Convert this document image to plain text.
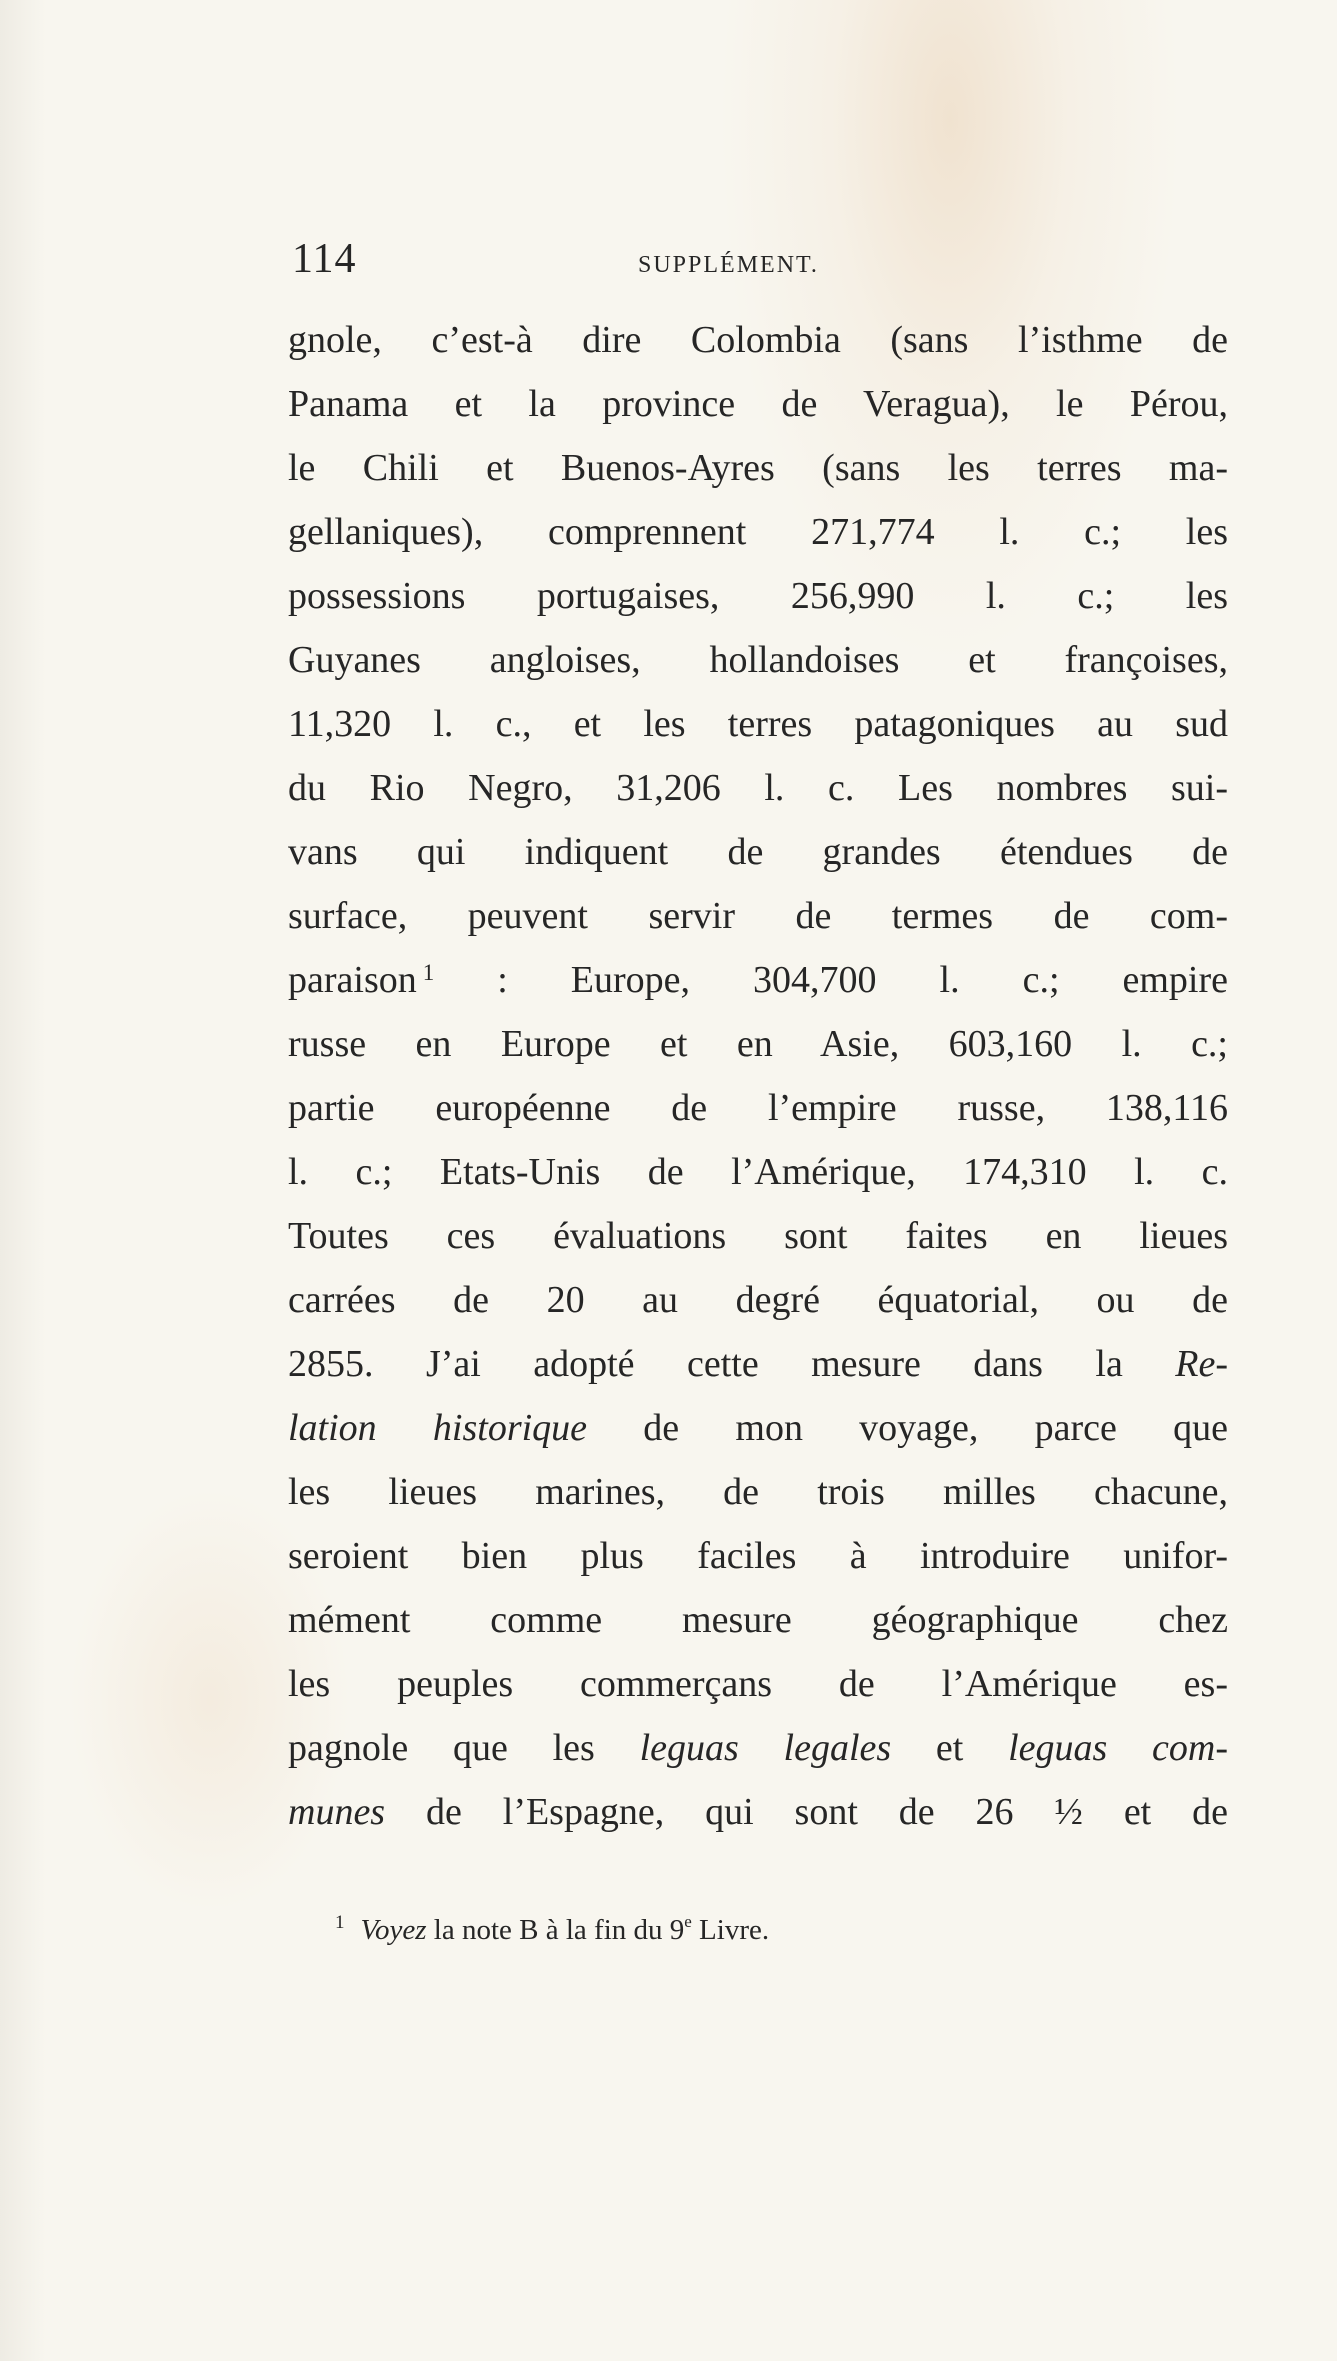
114	SUPPLÉMENT.
gnole, c’est-à dire Colombia (sans l’isthme de
Panama et la province de Veragua), le Pérou,
le Chili et Buenos-Ayres (sans les terres ma-
gellaniques), comprennent 271,774 l. c.; les
possessions portugaises, 256,990 l. c.; les
Guyanes angloises, hollandoises et françoises,
11,320 l. c., et les terres patagoniques au sud
du Rio Negro, 31,206 l. c. Les nombres sui-
vans qui indiquent de grandes étendues de
surface, peuvent servir de termes de com-
paraison $^1$ : Europe, 304,700 l. c.; empire
russe en Europe et en Asie, 603,160 l. c.;
partie européenne de l’empire russe, 138,116
l. c.; Etats-Unis de l’Amérique, 174,310 l. c.
Toutes ces évaluations sont faites en lieues
carrées de 20 au degré équatorial, ou de
2855. J’ai adopté cette mesure dans la Re-
lation historique de mon voyage, parce que
les lieues marines, de trois milles chacune,
seroient bien plus faciles à introduire unifor-
mément comme mesure géographique chez
les peuples commerçans de l’Amérique es-
pagnole que les leguas legales et leguas com-
munes de l’Espagne, qui sont de 26 ½ et de
$^1$ Voyez la note B à la fin du 9e Livre.
